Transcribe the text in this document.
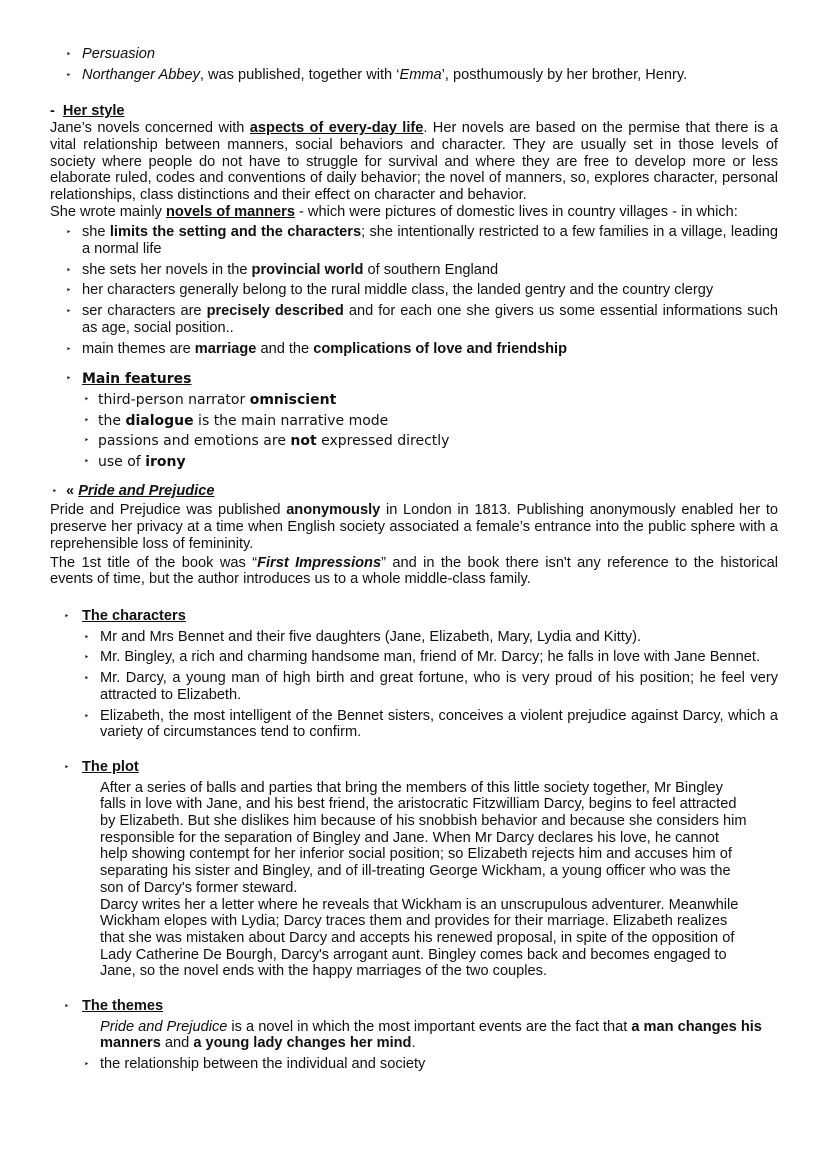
‣ Persuasion
‣ Northanger Abbey, was published, together with ‘Emma’, posthumously by her brother, Henry.
- Her style
Jane’s novels concerned with aspects of every-day life. Her novels are based on the permise that there is a vital relationship between manners, social behaviors and character. They are usually set in those levels of society where people do not have to struggle for survival and where they are free to develop more or less elaborate ruled, codes and conventions of daily behavior; the novel of manners, so, explores character, personal relationships, class distinctions and their effect on character and behavior.
She wrote mainly novels of manners - which were pictures of domestic lives in country villages - in which:
‣ she limits the setting and the characters; she intentionally restricted to a few families in a village, leading a normal life
‣ she sets her novels in the provincial world of southern England
‣ her characters generally belong to the rural middle class, the landed gentry and the country clergy
‣ ser characters are precisely described and for each one she givers us some essential informations such as age, social position..
‣ main themes are marriage and the complications of love and friendship
‣ Main features
‣ third-person narrator omniscient
‣ the dialogue is the main narrative mode
‣ passions and emotions are not expressed directly
‣ use of irony
‣ « Pride and Prejudice
Pride and Prejudice was published anonymously in London in 1813. Publishing anonymously enabled her to preserve her privacy at a time when English society associated a female’s entrance into the public sphere with a reprehensible loss of femininity.
The 1st title of the book was “First Impressions” and in the book there isn't any reference to the historical events of time, but the author introduces us to a whole middle-class family.
‣ The characters
‣ Mr and Mrs Bennet and their five daughters (Jane, Elizabeth, Mary, Lydia and Kitty).
‣ Mr. Bingley, a rich and charming handsome man, friend of Mr. Darcy; he falls in love with Jane Bennet.
‣ Mr. Darcy, a young man of high birth and great fortune, who is very proud of his position; he feel very attracted to Elizabeth.
‣ Elizabeth, the most intelligent of the Bennet sisters, conceives a violent prejudice against Darcy, which a variety of circumstances tend to confirm.
‣ The plot
After a series of balls and parties that bring the members of this little society together, Mr Bingley falls in love with Jane, and his best friend, the aristocratic Fitzwilliam Darcy, begins to feel attracted by Elizabeth. But she dislikes him because of his snobbish behavior and because she considers him responsible for the separation of Bingley and Jane. When Mr Darcy declares his love, he cannot help showing contempt for her inferior social position; so Elizabeth rejects him and accuses him of separating his sister and Bingley, and of ill-treating George Wickham, a young officer who was the son of Darcy's former steward.
Darcy writes her a letter where he reveals that Wickham is an unscrupulous adventurer. Meanwhile Wickham elopes with Lydia; Darcy traces them and provides for their marriage. Elizabeth realizes that she was mistaken about Darcy and accepts his renewed proposal, in spite of the opposition of Lady Catherine De Bourgh, Darcy's arrogant aunt. Bingley comes back and becomes engaged to Jane, so the novel ends with the happy marriages of the two couples.
‣ The themes
Pride and Prejudice is a novel in which the most important events are the fact that a man changes his manners and a young lady changes her mind.
‣ the relationship between the individual and society
